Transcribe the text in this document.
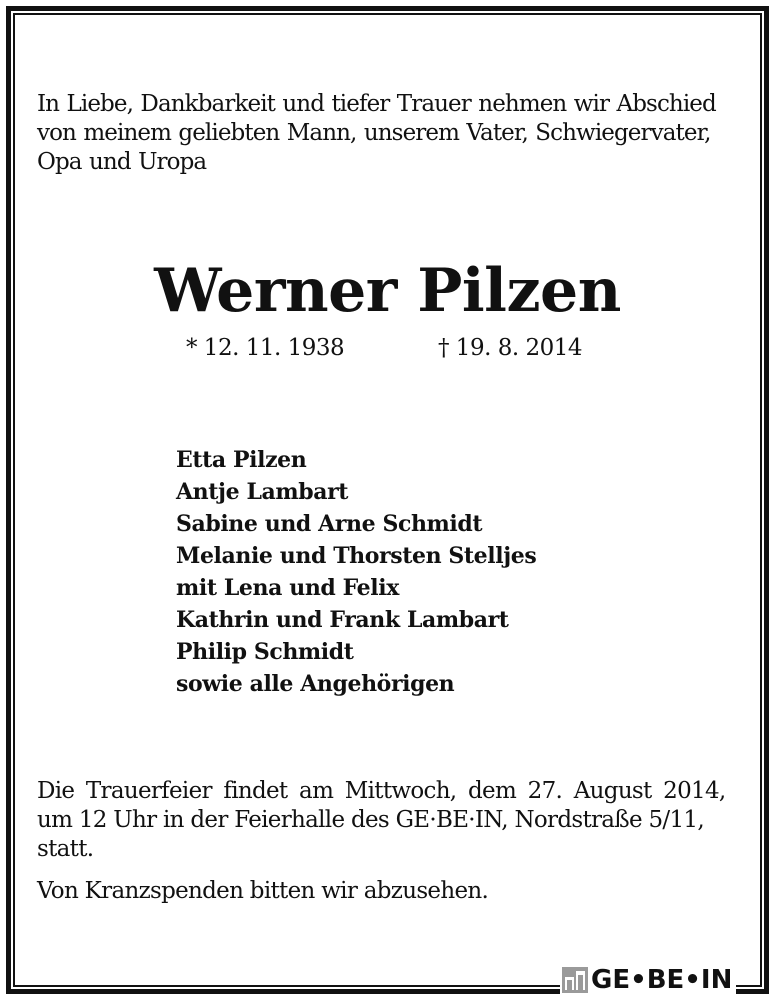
In Liebe, Dankbarkeit und tiefer Trauer nehmen wir Abschied
von meinem geliebten Mann, unserem Vater, Schwiegervater,
Opa und Uropa

Werner Pilzen

* 12. 11. 1938	† 19. 8. 2014

Etta Pilzen
Antje Lambart
Sabine und Arne Schmidt
Melanie und Thorsten Stelljes
mit Lena und Felix
Kathrin und Frank Lambart
Philip Schmidt
sowie alle Angehörigen

Die Trauerfeier findet am Mittwoch, dem 27. August 2014,
um 12 Uhr in der Feierhalle des GE·BE·IN, Nordstraße 5/11,
statt.

Von Kranzspenden bitten wir abzusehen.

GE•BE•IN
